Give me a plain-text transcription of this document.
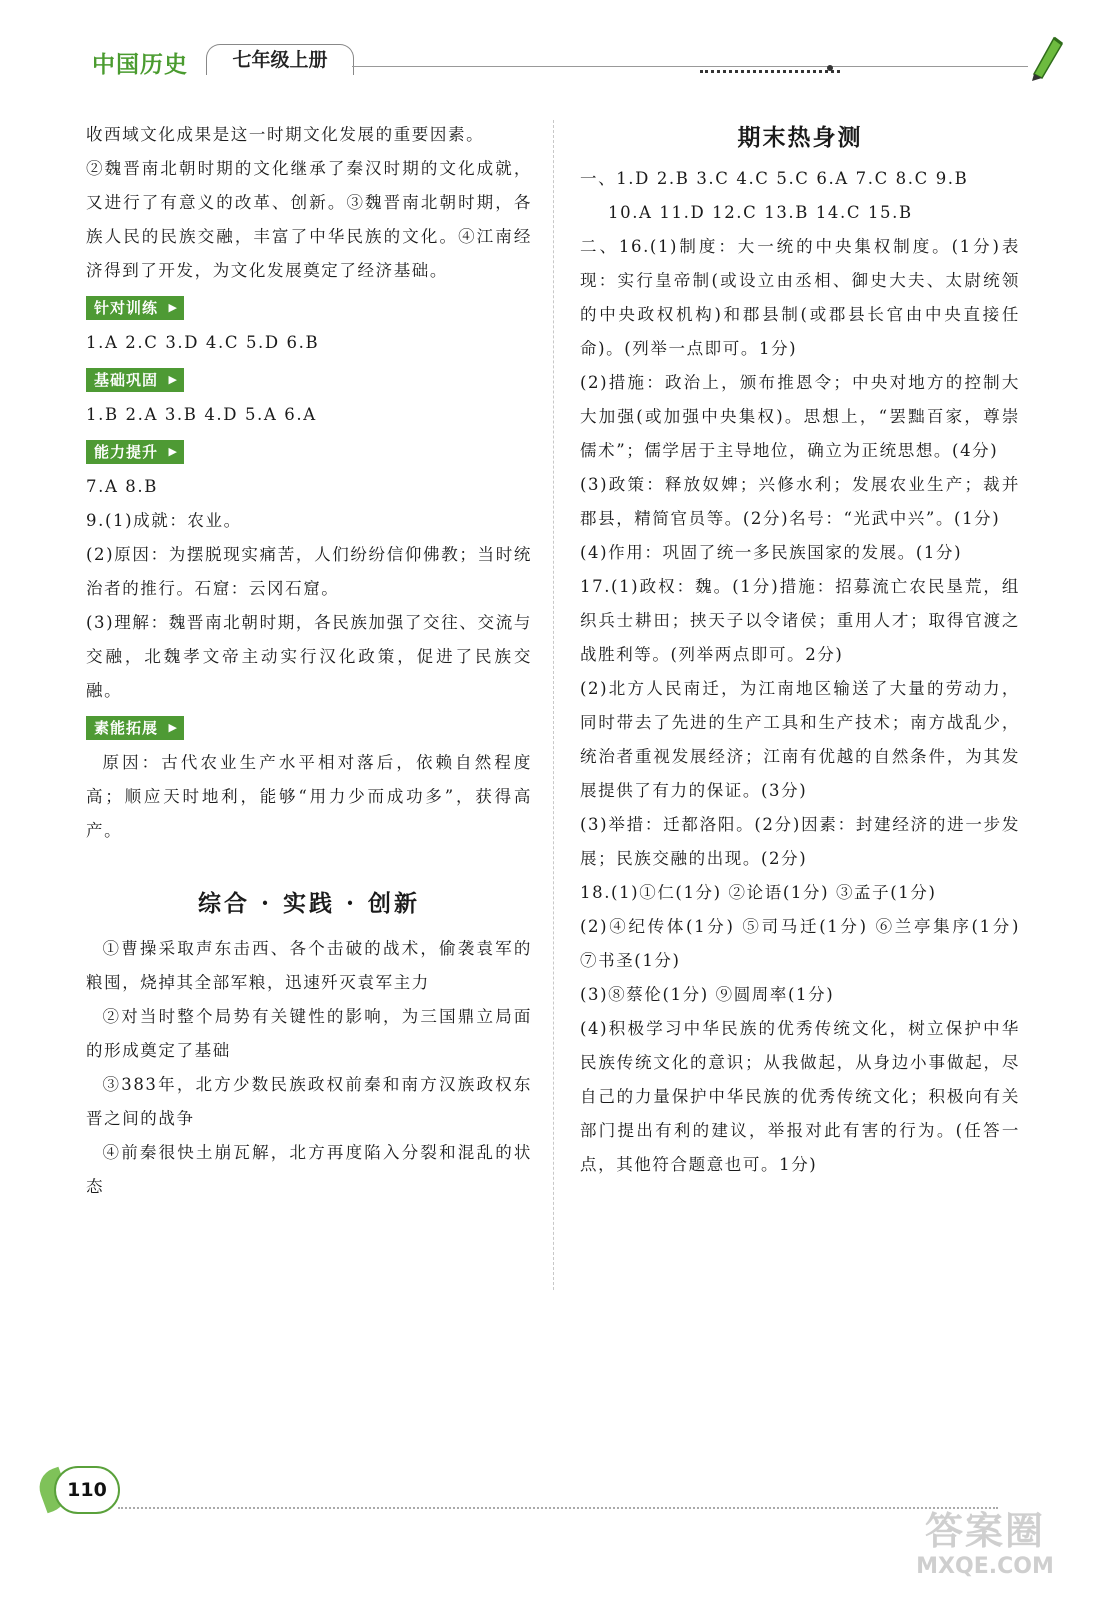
中国历史	七年级上册

收西域文化成果是这一时期文化发展的重要因素。

②魏晋南北朝时期的文化继承了秦汉时期的文化成就，又进行了有意义的改革、创新。③魏晋南北朝时期，各族人民的民族交融，丰富了中华民族的文化。④江南经济得到了开发，为文化发展奠定了经济基础。

针对训练 ▶

1.A 2.C 3.D 4.C 5.D 6.B

基础巩固 ▶

1.B 2.A 3.B 4.D 5.A 6.A

能力提升 ▶

7.A 8.B

9.(1)成就：农业。

(2)原因：为摆脱现实痛苦，人们纷纷信仰佛教；当时统治者的推行。石窟：云冈石窟。

(3)理解：魏晋南北朝时期，各民族加强了交往、交流与交融，北魏孝文帝主动实行汉化政策，促进了民族交融。

素能拓展 ▶

原因：古代农业生产水平相对落后，依赖自然程度高；顺应天时地利，能够“用力少而成功多”，获得高产。

综合 · 实践 · 创新

①曹操采取声东击西、各个击破的战术，偷袭袁军的粮囤，烧掉其全部军粮，迅速歼灭袁军主力

②对当时整个局势有关键性的影响，为三国鼎立局面的形成奠定了基础

③383年，北方少数民族政权前秦和南方汉族政权东晋之间的战争

④前秦很快土崩瓦解，北方再度陷入分裂和混乱的状态

期末热身测

一、1.D 2.B 3.C 4.C 5.C 6.A 7.C 8.C 9.B

10.A 11.D 12.C 13.B 14.C 15.B

二、16.(1)制度：大一统的中央集权制度。(1分)表现：实行皇帝制(或设立由丞相、御史大夫、太尉统领的中央政权机构)和郡县制(或郡县长官由中央直接任命)。(列举一点即可。1分)

(2)措施：政治上，颁布推恩令；中央对地方的控制大大加强(或加强中央集权)。思想上，“罢黜百家，尊崇儒术”；儒学居于主导地位，确立为正统思想。(4分)

(3)政策：释放奴婢；兴修水利；发展农业生产；裁并郡县，精简官员等。(2分)名号：“光武中兴”。(1分)

(4)作用：巩固了统一多民族国家的发展。(1分)

17.(1)政权：魏。(1分)措施：招募流亡农民垦荒，组织兵士耕田；挟天子以令诸侯；重用人才；取得官渡之战胜利等。(列举两点即可。2分)

(2)北方人民南迁，为江南地区输送了大量的劳动力，同时带去了先进的生产工具和生产技术；南方战乱少，统治者重视发展经济；江南有优越的自然条件，为其发展提供了有力的保证。(3分)

(3)举措：迁都洛阳。(2分)因素：封建经济的进一步发展；民族交融的出现。(2分)

18.(1)①仁(1分) ②论语(1分) ③孟子(1分)

(2)④纪传体(1分) ⑤司马迁(1分) ⑥兰亭集序(1分) ⑦书圣(1分)

(3)⑧蔡伦(1分) ⑨圆周率(1分)

(4)积极学习中华民族的优秀传统文化，树立保护中华民族传统文化的意识；从我做起，从身边小事做起，尽自己的力量保护中华民族的优秀传统文化；积极向有关部门提出有利的建议，举报对此有害的行为。(任答一点，其他符合题意也可。1分)

110
答案圈
MXQE.COM
